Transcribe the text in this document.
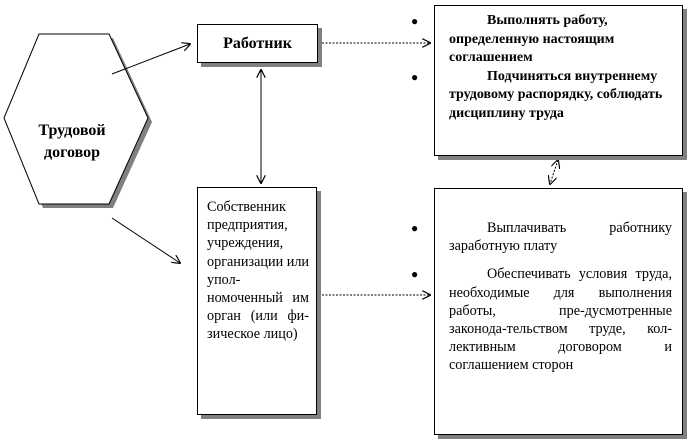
Трудовой договор
Работник
Собственник предприятия, учреждения, организации или упол-номоченный им орган (или фи-зическое лицо)
●	Выполнять работу, определенную настоящим соглашением
●	Подчиняться внутреннему трудовому распорядку, соблюдать дисциплину труда
●	Выплачивать работнику заработную плату
●	Обеспечивать условия труда, необходимые для выполнения работы, пре-дусмотренные законода-тельством труде, кол-лективным договором и соглашением сторон
